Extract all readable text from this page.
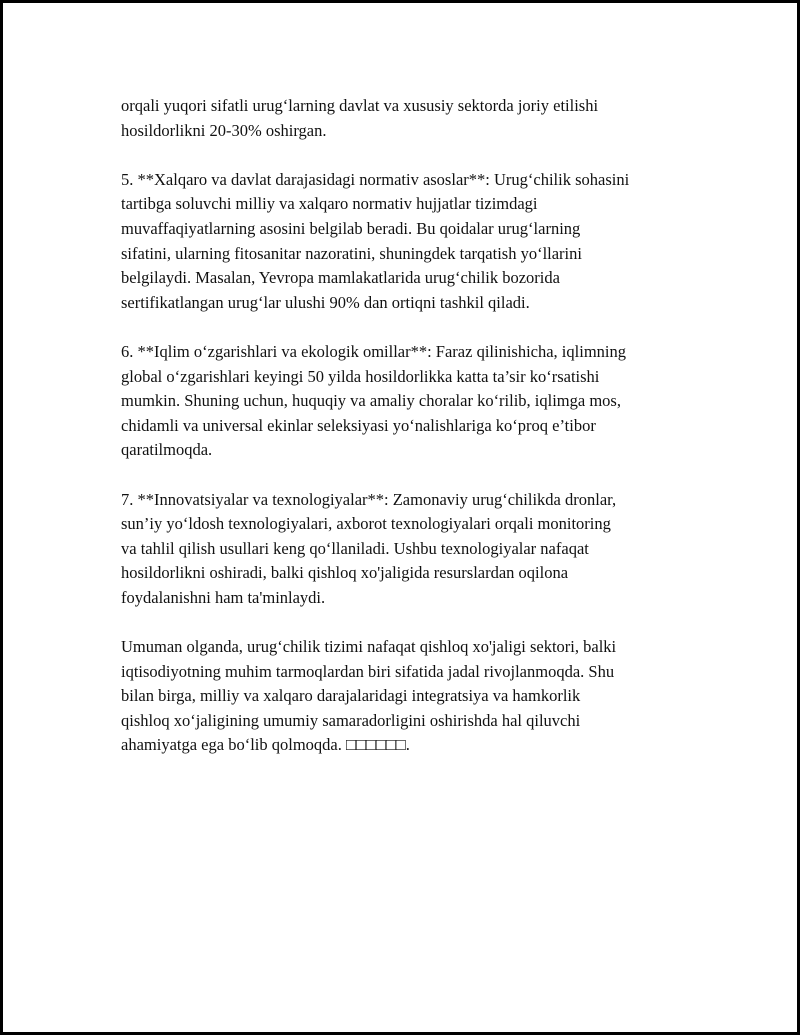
orqali yuqori sifatli urug‘larning davlat va xususiy sektorda joriy etilishi
hosildorlikni 20-30% oshirgan.

5. **Xalqaro va davlat darajasidagi normativ asoslar**: Urug‘chilik sohasini
tartibga soluvchi milliy va xalqaro normativ hujjatlar tizimdagi
muvaffaqiyatlarning asosini belgilab beradi. Bu qoidalar urug‘larning
sifatini, ularning fitosanitar nazoratini, shuningdek tarqatish yo‘llarini
belgilaydi. Masalan, Yevropa mamlakatlarida urug‘chilik bozorida
sertifikatlangan urug‘lar ulushi 90% dan ortiqni tashkil qiladi.

6. **Iqlim o‘zgarishlari va ekologik omillar**: Faraz qilinishicha, iqlimning
global o‘zgarishlari keyingi 50 yilda hosildorlikka katta ta’sir ko‘rsatishi
mumkin. Shuning uchun, huquqiy va amaliy choralar ko‘rilib, iqlimga mos,
chidamli va universal ekinlar seleksiyasi yo‘nalishlariga ko‘proq e’tibor
qaratilmoqda.

7. **Innovatsiyalar va texnologiyalar**: Zamonaviy urug‘chilikda dronlar,
sun’iy yo‘ldosh texnologiyalari, axborot texnologiyalari orqali monitoring
va tahlil qilish usullari keng qo‘llaniladi. Ushbu texnologiyalar nafaqat
hosildorlikni oshiradi, balki qishloq xo'jaligida resurslardan oqilona
foydalanishni ham ta'minlaydi.

Umuman olganda, urug‘chilik tizimi nafaqat qishloq xo'jaligi sektori, balki
iqtisodiyotning muhim tarmoqlardan biri sifatida jadal rivojlanmoqda. Shu
bilan birga, milliy va xalqaro darajalaridagi integratsiya va hamkorlik
qishloq xo‘jaligining umumiy samaradorligini oshirishda hal qiluvchi
ahamiyatga ega bo‘lib qolmoqda. □□□□□□.
